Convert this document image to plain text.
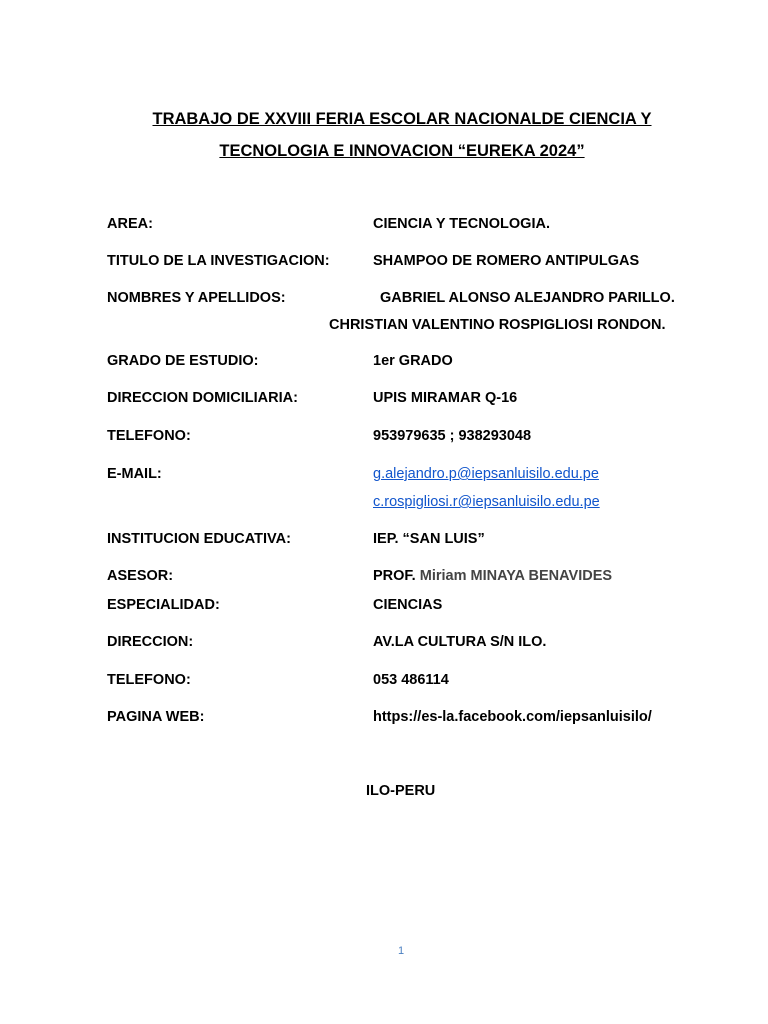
TRABAJO DE XXVIII FERIA ESCOLAR NACIONALDE CIENCIA Y
TECNOLOGIA E INNOVACION “EUREKA 2024”
AREA:	CIENCIA Y TECNOLOGIA.
TITULO DE LA INVESTIGACION:	SHAMPOO DE ROMERO ANTIPULGAS
NOMBRES Y APELLIDOS:	GABRIEL ALONSO ALEJANDRO PARILLO.
CHRISTIAN VALENTINO ROSPIGLIOSI RONDON.
GRADO DE ESTUDIO:	1er GRADO
DIRECCION DOMICILIARIA:	UPIS MIRAMAR Q-16
TELEFONO:	953979635 ; 938293048
E-MAIL:	g.alejandro.p@iepsanluisilo.edu.pe
c.rospigliosi.r@iepsanluisilo.edu.pe
INSTITUCION EDUCATIVA:	IEP. “SAN LUIS”
ASESOR:	PROF. Miriam MINAYA BENAVIDES
ESPECIALIDAD:	CIENCIAS
DIRECCION:	AV.LA CULTURA S/N ILO.
TELEFONO:	053 486114
PAGINA WEB:	https://es-la.facebook.com/iepsanluisilo/
ILO-PERU
1
